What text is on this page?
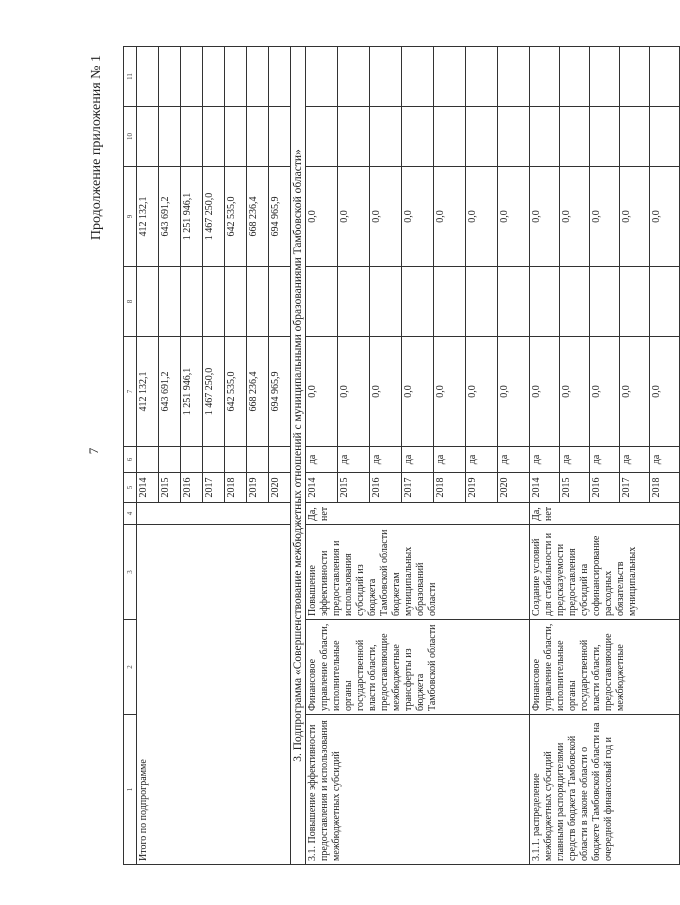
7
Продолжение приложения № 1
1	2	3	4	5	6	7	8	9	10	11
Итого по подпрограмме				2014		412 132,1		412 132,1		
				2015		643 691,2		643 691,2		
				2016		1 251 946,1		1 251 946,1		
				2017		1 467 250,0		1 467 250,0		
				2018		642 535,0		642 535,0		
				2019		668 236,4		668 236,4		
				2020		694 965,9		694 965,9		
3. Подпрограмма «Совершенствование межбюджетных отношений с муниципальными образованиями Тамбовской области»										
3.1. Повышение эффективности предоставления и использования межбюджетных субсидий	Финансовое управление области, исполнительные органы государственной власти области, предоставляющие межбюджетные трансферты из бюджета Тамбовской области	Повышение эффективности предоставления и использования субсидий из бюджета Тамбовской области бюджетам муниципальных образований области	Да, нет	2014	да	0,0		0,0		
				2015	да	0,0		0,0		
				2016	да	0,0		0,0		
				2017	да	0,0		0,0		
				2018	да	0,0		0,0		
				2019	да	0,0		0,0		
				2020	да	0,0		0,0		
3.1.1. распределение межбюджетных субсидий главными распорядителями средств бюджета Тамбовской области в законе области о бюджете Тамбовской области на очередной финансовый год и	Финансовое управление области, исполнительные органы государственной власти области, предоставляющие межбюджетные	Создание условий для стабильности и предсказуемости предоставления субсидий на софинансирование расходных обязательств муниципальных	Да, нет	2014	да	0,0		0,0		
				2015	да	0,0		0,0		
				2016	да	0,0		0,0		
				2017	да	0,0		0,0		
				2018	да	0,0		0,0		
